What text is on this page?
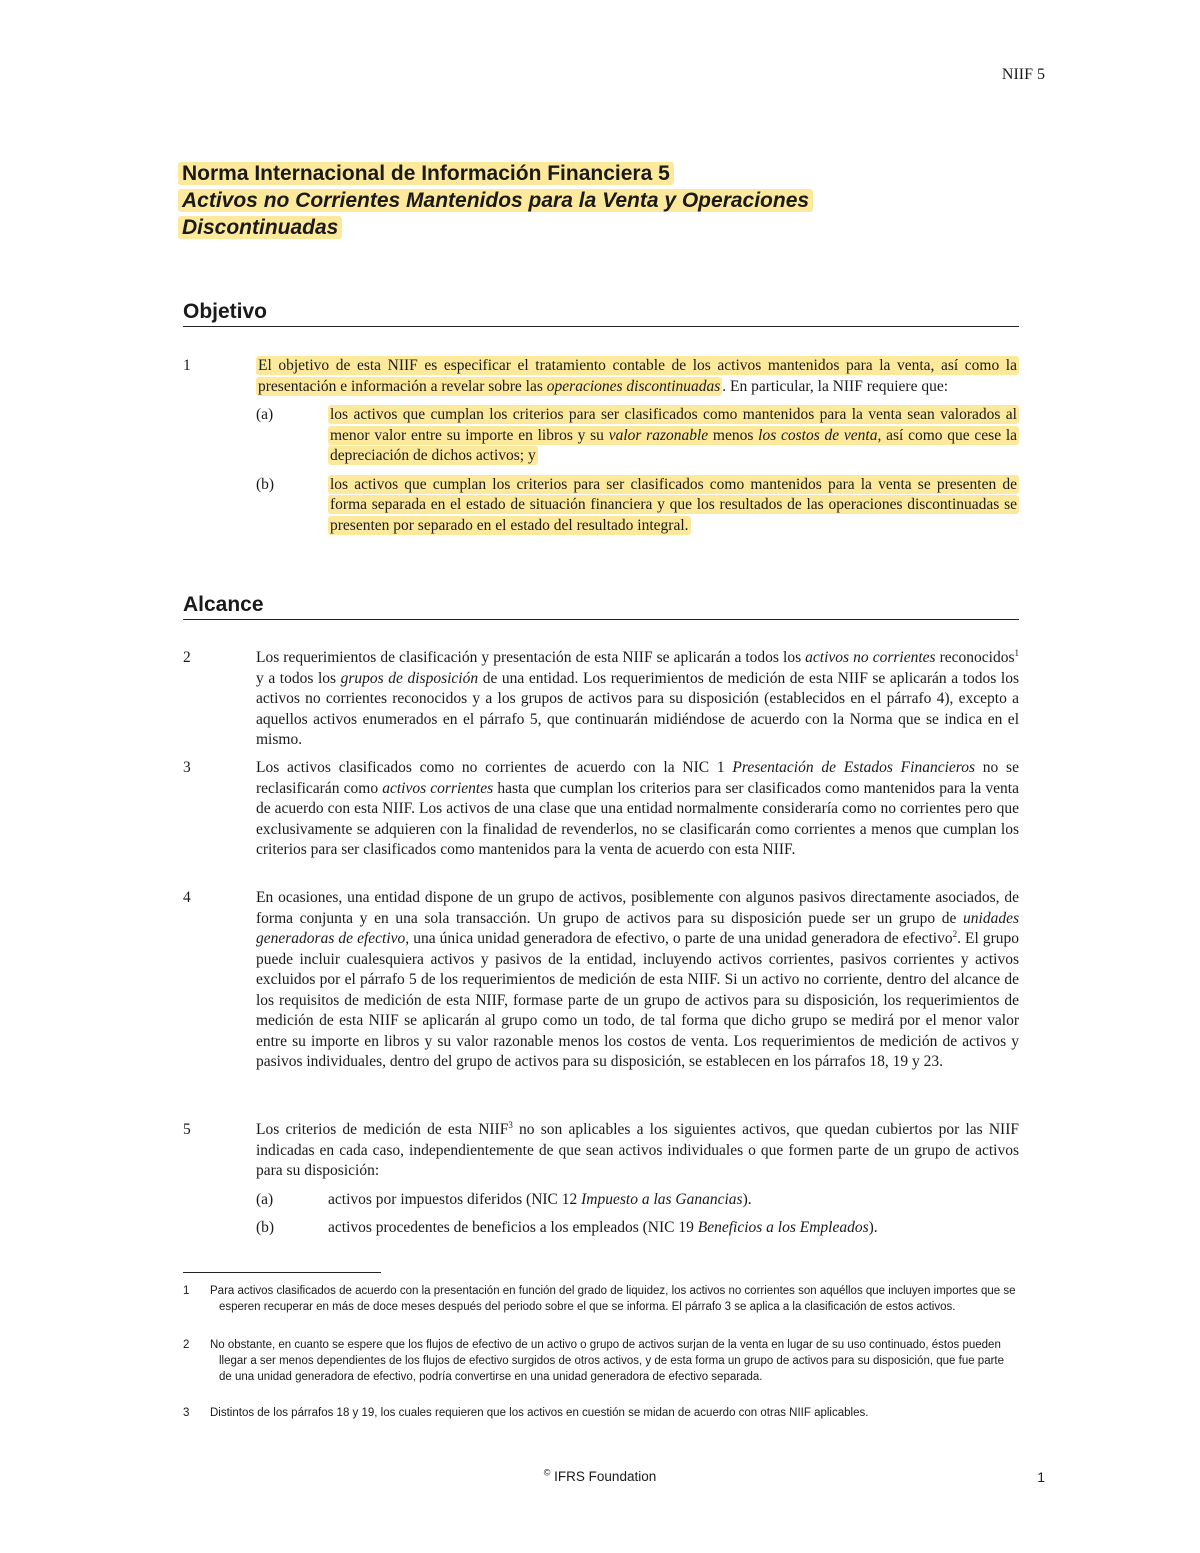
NIIF 5
Norma Internacional de Información Financiera 5
Activos no Corrientes Mantenidos para la Venta y Operaciones
Discontinuadas
Objetivo
1	El objetivo de esta NIIF es especificar el tratamiento contable de los activos mantenidos para la venta, así como la presentación e información a revelar sobre las operaciones discontinuadas . En particular, la NIIF requiere que:
(a)	los activos que cumplan los criterios para ser clasificados como mantenidos para la venta sean valorados al menor valor entre su importe en libros y su valor razonable menos los costos de venta, así como que cese la depreciación de dichos activos; y
(b)	los activos que cumplan los criterios para ser clasificados como mantenidos para la venta se presenten de forma separada en el estado de situación financiera y que los resultados de las operaciones discontinuadas se presenten por separado en el estado del resultado integral.
Alcance
2	Los requerimientos de clasificación y presentación de esta NIIF se aplicarán a todos los activos no corrientes reconocidos$^1$ y a todos los grupos de disposición de una entidad. Los requerimientos de medición de esta NIIF se aplicarán a todos los activos no corrientes reconocidos y a los grupos de activos para su disposición (establecidos en el párrafo 4), excepto a aquellos activos enumerados en el párrafo 5, que continuarán midiéndose de acuerdo con la Norma que se indica en el mismo.
3	Los activos clasificados como no corrientes de acuerdo con la NIC 1 Presentación de Estados Financieros no se reclasificarán como activos corrientes hasta que cumplan los criterios para ser clasificados como mantenidos para la venta de acuerdo con esta NIIF. Los activos de una clase que una entidad normalmente consideraría como no corrientes pero que exclusivamente se adquieren con la finalidad de revenderlos, no se clasificarán como corrientes a menos que cumplan los criterios para ser clasificados como mantenidos para la venta de acuerdo con esta NIIF.
4	En ocasiones, una entidad dispone de un grupo de activos, posiblemente con algunos pasivos directamente asociados, de forma conjunta y en una sola transacción. Un grupo de activos para su disposición puede ser un grupo de unidades generadoras de efectivo, una única unidad generadora de efectivo, o parte de una unidad generadora de efectivo$^2$. El grupo puede incluir cualesquiera activos y pasivos de la entidad, incluyendo activos corrientes, pasivos corrientes y activos excluidos por el párrafo 5 de los requerimientos de medición de esta NIIF. Si un activo no corriente, dentro del alcance de los requisitos de medición de esta NIIF, formase parte de un grupo de activos para su disposición, los requerimientos de medición de esta NIIF se aplicarán al grupo como un todo, de tal forma que dicho grupo se medirá por el menor valor entre su importe en libros y su valor razonable menos los costos de venta. Los requerimientos de medición de activos y pasivos individuales, dentro del grupo de activos para su disposición, se establecen en los párrafos 18, 19 y 23.
5	Los criterios de medición de esta NIIF$^3$ no son aplicables a los siguientes activos, que quedan cubiertos por las NIIF indicadas en cada caso, independientemente de que sean activos individuales o que formen parte de un grupo de activos para su disposición:
(a)	activos por impuestos diferidos (NIC 12 Impuesto a las Ganancias).
(b)	activos procedentes de beneficios a los empleados (NIC 19 Beneficios a los Empleados).
1 Para activos clasificados de acuerdo con la presentación en función del grado de liquidez, los activos no corrientes son aquéllos que incluyen importes que se esperen recuperar en más de doce meses después del periodo sobre el que se informa. El párrafo 3 se aplica a la clasificación de estos activos.
2 No obstante, en cuanto se espere que los flujos de efectivo de un activo o grupo de activos surjan de la venta en lugar de su uso continuado, éstos pueden llegar a ser menos dependientes de los flujos de efectivo surgidos de otros activos, y de esta forma un grupo de activos para su disposición, que fue parte de una unidad generadora de efectivo, podría convertirse en una unidad generadora de efectivo separada.
3 Distintos de los párrafos 18 y 19, los cuales requieren que los activos en cuestión se midan de acuerdo con otras NIIF aplicables.
© IFRS Foundation	1
